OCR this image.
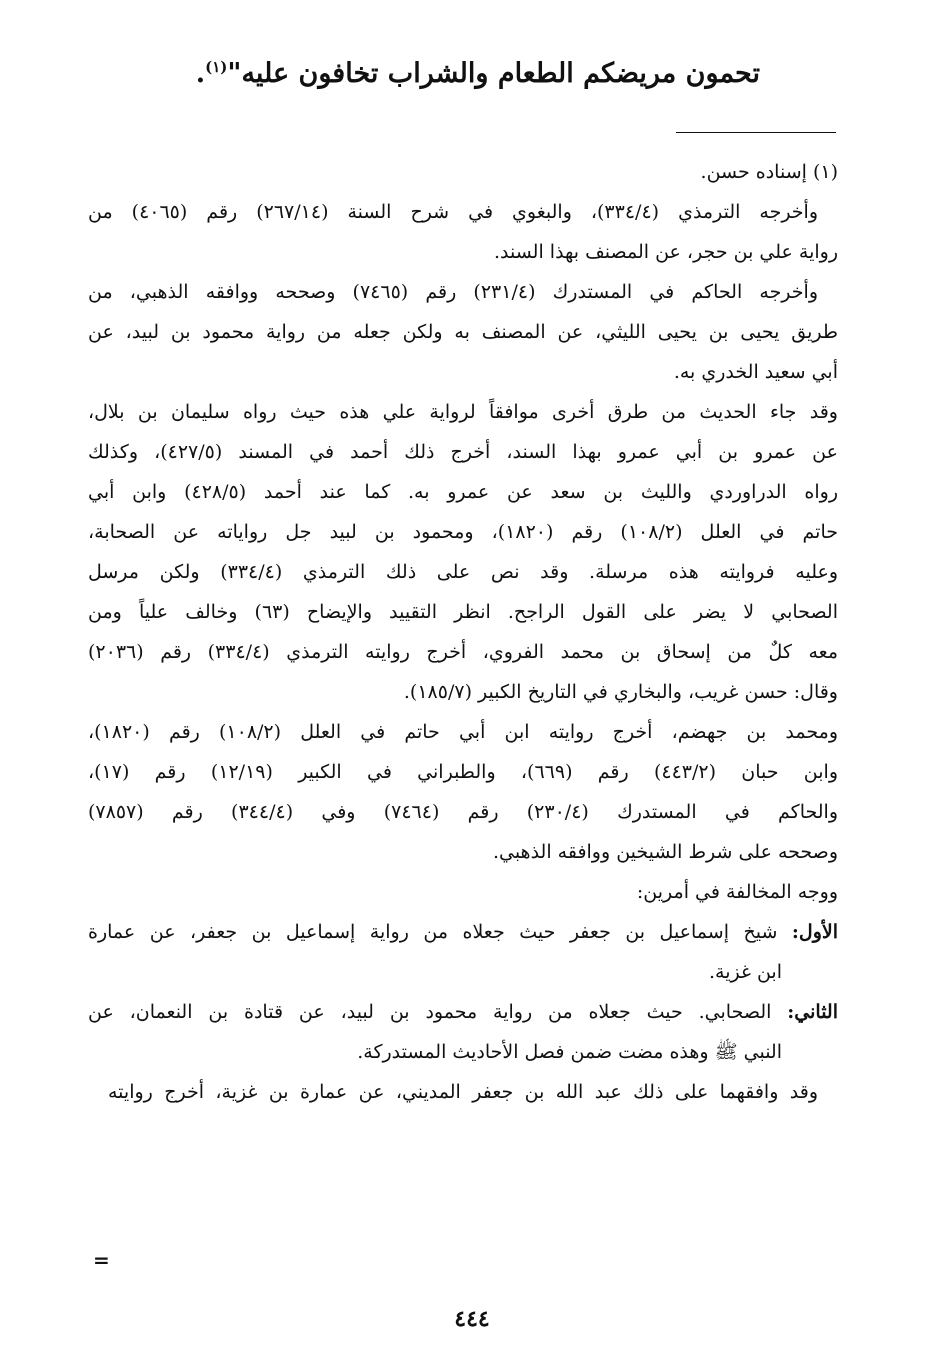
تحمون مريضكم الطعام والشراب تخافون عليه"$^{(١)}$.
(١) إسناده حسن.
وأخرجه الترمذي (٣٣٤/٤)، والبغوي في شرح السنة (٢٦٧/١٤) رقم (٤٠٦٥) من
رواية علي بن حجر، عن المصنف بهذا السند.
وأخرجه الحاكم في المستدرك (٢٣١/٤) رقم (٧٤٦٥) وصححه ووافقه الذهبي، من
طريق يحيى بن يحيى الليثي، عن المصنف به ولكن جعله من رواية محمود بن لبيد، عن
أبي سعيد الخدري به.
وقد جاء الحديث من طرق أخرى موافقاً لرواية علي هذه حيث رواه سليمان بن بلال،
عن عمرو بن أبي عمرو بهذا السند، أخرج ذلك أحمد في المسند (٤٢٧/٥)، وكذلك
رواه الدراوردي والليث بن سعد عن عمرو به. كما عند أحمد (٤٢٨/٥) وابن أبي
حاتم في العلل (١٠٨/٢) رقم (١٨٢٠)، ومحمود بن لبيد جل رواياته عن الصحابة،
وعليه فروايته هذه مرسلة. وقد نص على ذلك الترمذي (٣٣٤/٤) ولكن مرسل
الصحابي لا يضر على القول الراجح. انظر التقييد والإيضاح (٦٣) وخالف علياً ومن
معه كلٌ من إسحاق بن محمد الفروي، أخرج روايته الترمذي (٣٣٤/٤) رقم (٢٠٣٦)
وقال: حسن غريب، والبخاري في التاريخ الكبير (١٨٥/٧).
ومحمد بن جهضم، أخرج روايته ابن أبي حاتم في العلل (١٠٨/٢) رقم (١٨٢٠)،
وابن حبان (٤٤٣/٢) رقم (٦٦٩)، والطبراني في الكبير (١٢/١٩) رقم (١٧)،
والحاكم في المستدرك (٢٣٠/٤) رقم (٧٤٦٤) وفي (٣٤٤/٤) رقم (٧٨٥٧)
وصححه على شرط الشيخين ووافقه الذهبي.
ووجه المخالفة في أمرين:
الأول: شيخ إسماعيل بن جعفر حيث جعلاه من رواية إسماعيل بن جعفر، عن عمارة
ابن غزية.
الثاني: الصحابي. حيث جعلاه من رواية محمود بن لبيد، عن قتادة بن النعمان، عن
النبي ﷺ وهذه مضت ضمن فصل الأحاديث المستدركة.
وقد وافقهما على ذلك عبد الله بن جعفر المديني، عن عمارة بن غزية، أخرج روايته
=
٤٤٤
